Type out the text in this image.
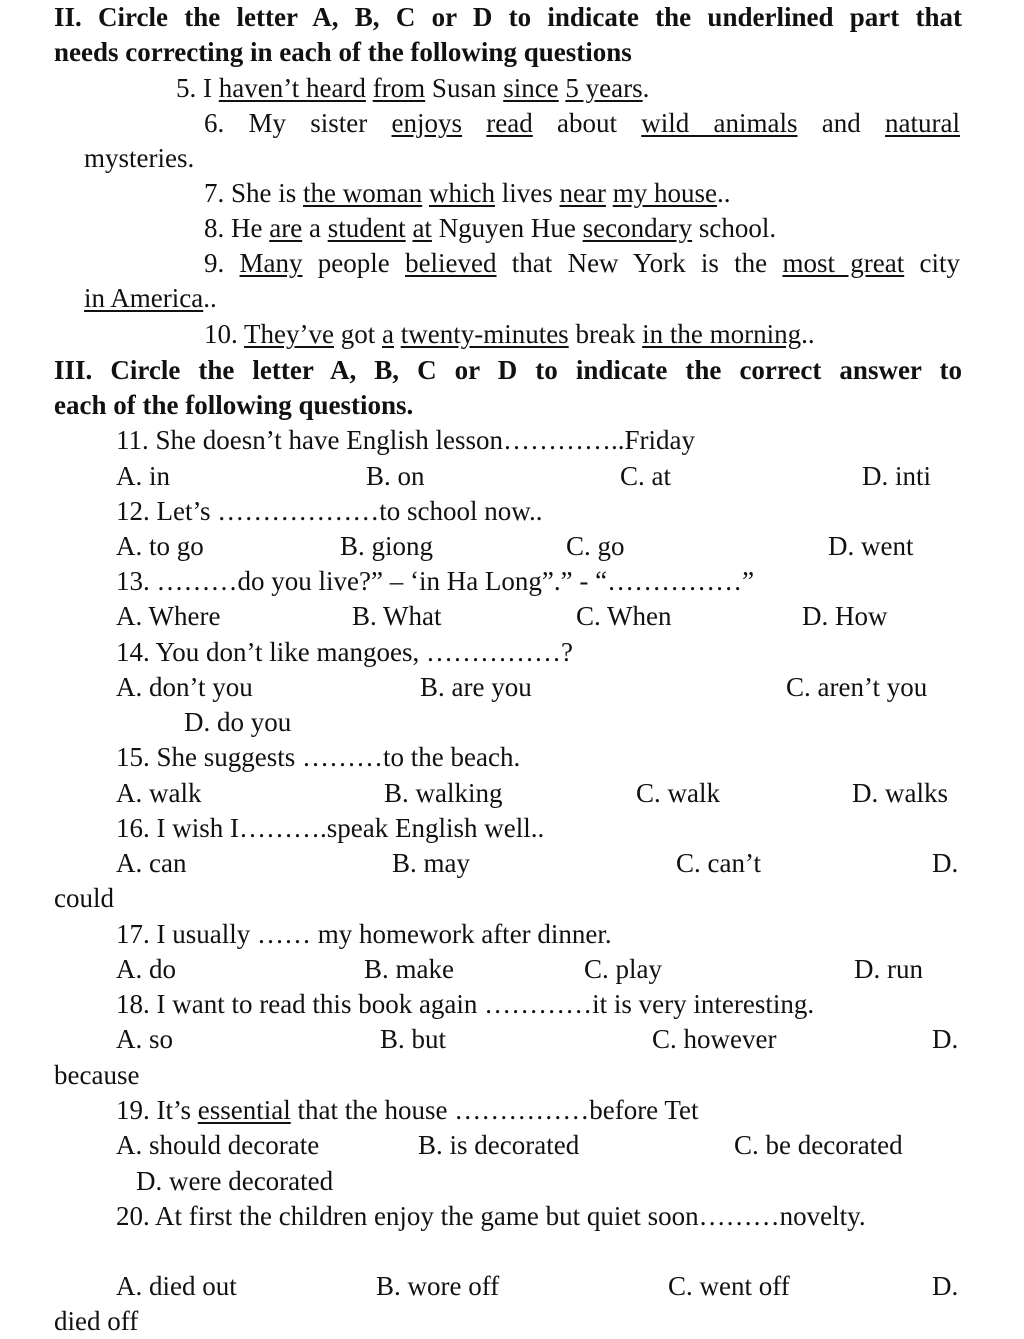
II. Circle the letter A, B, C or D to indicate the underlined part that
needs correcting in each of the following questions
5. I haven’t heard from Susan since 5 years.
6. My sister enjoys read about wild animals and natural
mysteries.
7. She is the woman which lives near my house..
8. He are a student at Nguyen Hue secondary school.
9. Many people believed that New York is the most great city
in America..
10. They’ve got a twenty-minutes break in the morning..
III. Circle the letter A, B, C or D to indicate the correct answer to
each of the following questions.
11. She doesn’t have English lesson…………..Friday
A. in	B. on	C. at	D. inti
12. Let’s ………………to school now..
A. to go	B. giong	C. go	D. went
13. ………do you live?” – ‘in Ha Long”.” - “……………”
A. Where	B. What	C. When	D. How
14. You don’t like mangoes, ……………?
A. don’t you	B. are you	C. aren’t you
D. do you
15. She suggests ………to the beach.
A. walk	B. walking	C. walk	D. walks
16. I wish I……….speak English well..
A. can	B. may	C. can’t	D.
could
17. I usually …… my homework after dinner.
A. do	B. make	C. play	D. run
18. I want to read this book again …………it is very interesting.
A. so	B. but	C. however	D.
because
19. It’s essential that the house ……………before Tet
A. should decorate	B. is decorated	C. be decorated
D. were decorated
20. At first the children enjoy the game but quiet soon………novelty.
A. died out	B. wore off	C. went off	D.
died off
